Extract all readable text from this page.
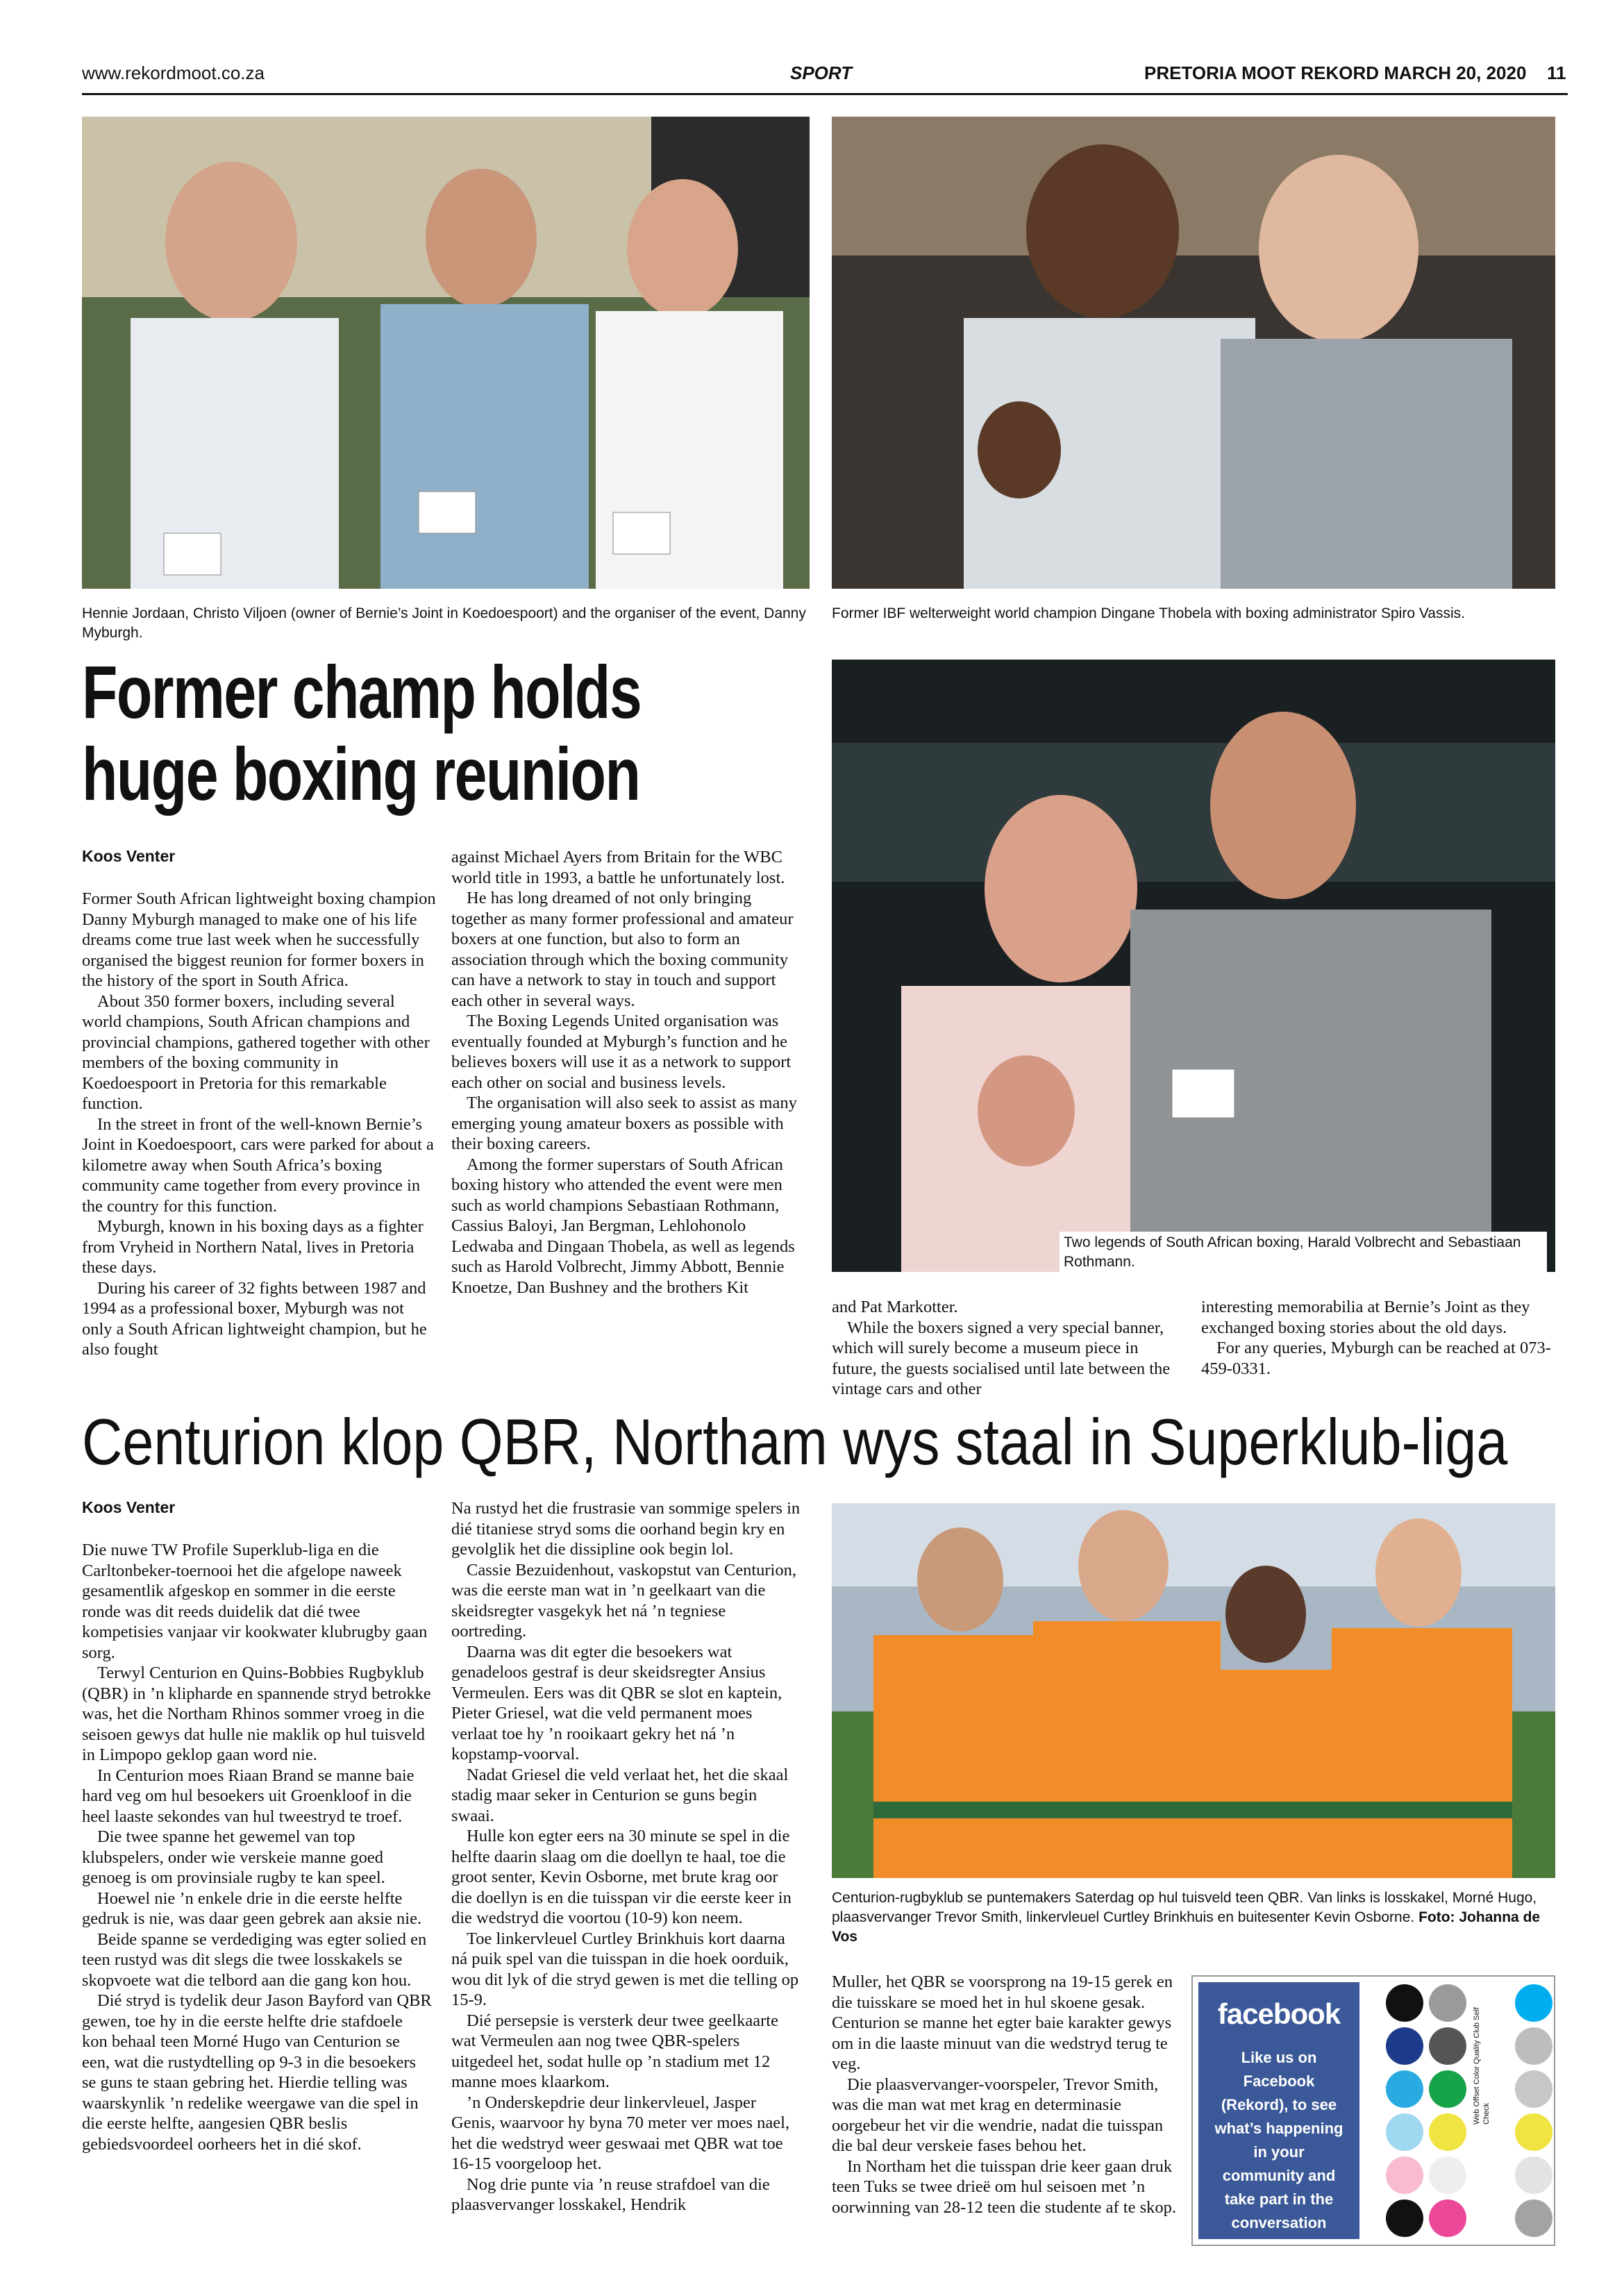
www.rekordmoot.co.za	SPORT	PRETORIA MOOT REKORD MARCH 20, 2020 11
Hennie Jordaan, Christo Viljoen (owner of Bernie’s Joint in Koedoespoort) and the organiser of the event, Danny Myburgh.
Former IBF welterweight world champion Dingane Thobela with boxing administrator Spiro Vassis.
Former champ holds
huge boxing reunion
Two legends of South African boxing, Harald Volbrecht and Sebastiaan Rothmann.
Koos Venter

Former South African lightweight boxing champion Danny Myburgh managed to make one of his life dreams come true last week when he successfully organised the biggest reunion for former boxers in the history of the sport in South Africa.

About 350 former boxers, including several world champions, South African champions and provincial champions, gathered together with other members of the boxing community in Koedoespoort in Pretoria for this remarkable function.

In the street in front of the well-known Bernie’s Joint in Koedoespoort, cars were parked for about a kilometre away when South Africa’s boxing community came together from every province in the country for this function.

Myburgh, known in his boxing days as a fighter from Vryheid in Northern Natal, lives in Pretoria these days.

During his career of 32 fights between 1987 and 1994 as a professional boxer, Myburgh was not only a South African lightweight champion, but he also fought

against Michael Ayers from Britain for the WBC world title in 1993, a battle he unfortunately lost.

He has long dreamed of not only bringing together as many former professional and amateur boxers at one function, but also to form an association through which the boxing community can have a network to stay in touch and support each other in several ways.

The Boxing Legends United organisation was eventually founded at Myburgh’s function and he believes boxers will use it as a network to support each other on social and business levels.

The organisation will also seek to assist as many emerging young amateur boxers as possible with their boxing careers.

Among the former superstars of South African boxing history who attended the event were men such as world champions Sebastiaan Rothmann, Cassius Baloyi, Jan Bergman, Lehlohonolo Ledwaba and Dingaan Thobela, as well as legends such as Harold Volbrecht, Jimmy Abbott, Bennie Knoetze, Dan Bushney and the brothers Kit

and Pat Markotter.

While the boxers signed a very special banner, which will surely become a museum piece in future, the guests socialised until late between the vintage cars and other

interesting memorabilia at Bernie’s Joint as they exchanged boxing stories about the old days.

For any queries, Myburgh can be reached at 073-459-0331.

Centurion klop QBR, Northam wys staal in Superklub-liga
Koos Venter

Die nuwe TW Profile Superklub-liga en die Carltonbeker-toernooi het die afgelope naweek gesamentlik afgeskop en sommer in die eerste ronde was dit reeds duidelik dat dié twee kompetisies vanjaar vir kookwater klubrugby gaan sorg.

Terwyl Centurion en Quins-Bobbies Rugbyklub (QBR) in ’n klipharde en spannende stryd betrokke was, het die Northam Rhinos sommer vroeg in die seisoen gewys dat hulle nie maklik op hul tuisveld in Limpopo geklop gaan word nie.

In Centurion moes Riaan Brand se manne baie hard veg om hul besoekers uit Groenkloof in die heel laaste sekondes van hul tweestryd te troef.

Die twee spanne het gewemel van top klubspelers, onder wie verskeie manne goed genoeg is om provinsiale rugby te kan speel.

Hoewel nie ’n enkele drie in die eerste helfte gedruk is nie, was daar geen gebrek aan aksie nie.

Beide spanne se verdediging was egter solied en teen rustyd was dit slegs die twee losskakels se skopvoete wat die telbord aan die gang kon hou.

Dié stryd is tydelik deur Jason Bayford van QBR gewen, toe hy in die eerste helfte drie stafdoele kon behaal teen Morné Hugo van Centurion se een, wat die rustydtelling op 9-3 in die besoekers se guns te staan gebring het. Hierdie telling was waarskynlik ’n redelike weergawe van die spel in die eerste helfte, aangesien QBR beslis gebiedsvoordeel oorheers het in dié skof.

Na rustyd het die frustrasie van sommige spelers in dié titaniese stryd soms die oorhand begin kry en gevolglik het die dissipline ook begin lol.

Cassie Bezuidenhout, vaskopstut van Centurion, was die eerste man wat in ’n geelkaart van die skeidsregter vasgekyk het ná ’n tegniese oortreding.

Daarna was dit egter die besoekers wat genadeloos gestraf is deur skeidsregter Ansius Vermeulen. Eers was dit QBR se slot en kaptein, Pieter Griesel, wat die veld permanent moes verlaat toe hy ’n rooikaart gekry het ná ’n kopstamp-voorval.

Nadat Griesel die veld verlaat het, het die skaal stadig maar seker in Centurion se guns begin swaai.

Hulle kon egter eers na 30 minute se spel in die helfte daarin slaag om die doellyn te haal, toe die groot senter, Kevin Osborne, met brute krag oor die doellyn is en die tuisspan vir die eerste keer in die wedstryd die voortou (10-9) kon neem.

Toe linkervleuel Curtley Brinkhuis kort daarna ná puik spel van die tuisspan in die hoek oorduik, wou dit lyk of die stryd gewen is met die telling op 15-9.

Dié persepsie is versterk deur twee geelkaarte wat Vermeulen aan nog twee QBR-spelers uitgedeel het, sodat hulle op ’n stadium met 12 manne moes klaarkom.

’n Onderskepdrie deur linkervleuel, Jasper Genis, waarvoor hy byna 70 meter ver moes nael, het die wedstryd weer geswaai met QBR wat toe 16-15 voorgeloop het.

Nog drie punte via ’n reuse strafdoel van die plaasvervanger losskakel, Hendrik

Centurion-rugbyklub se puntemakers Saterdag op hul tuisveld teen QBR. Van links is losskakel, Morné Hugo, plaasvervanger Trevor Smith, linkervleuel Curtley Brinkhuis en buitesenter Kevin Osborne. Foto: Johanna de Vos

Muller, het QBR se voorsprong na 19-15 gerek en die tuisskare se moed het in hul skoene gesak. Centurion se manne het egter baie karakter gewys om in die laaste minuut van die wedstryd terug te veg.

Die plaasvervanger-voorspeler, Trevor Smith, was die man wat met krag en determinasie oorgebeur het vir die wendrie, nadat die tuisspan die bal deur verskeie fases behou het.

In Northam het die tuisspan drie keer gaan druk teen Tuks se twee drieë om hul seisoen met ’n oorwinning van 28-12 teen die studente af te skop.

facebook
Like us on Facebook (Rekord), to see what’s happening in your community and take part in the conversation
Web Offset Color Quality Club Self Check
